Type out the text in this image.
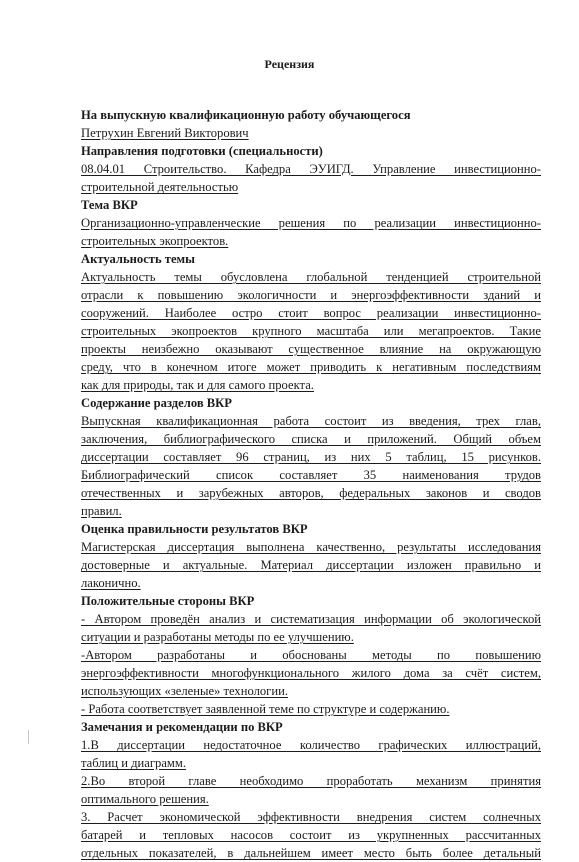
Рецензия
На выпускную квалификационную работу обучающегося
Петрухин Евгений Викторович
Направления подготовки (специальности)
08.04.01 Строительство. Кафедра ЭУИГД. Управление инвестиционно-
строительной деятельностью
Тема ВКР
Организационно-управленческие решения по реализации инвестиционно-
строительных экопроектов.
Актуальность темы
Актуальность темы обусловлена глобальной тенденцией строительной
отрасли к повышению экологичности и энергоэффективности зданий и
сооружений. Наиболее остро стоит вопрос реализации инвестиционно-
строительных экопроектов крупного масштаба или мегапроектов. Такие
проекты неизбежно оказывают существенное влияние на окружающую
среду, что в конечном итоге может приводить к негативным последствиям
как для природы, так и для самого проекта.
Содержание разделов ВКР
Выпускная квалификационная работа состоит из введения, трех глав,
заключения, библиографического списка и приложений. Общий объем
диссертации составляет 96 страниц, из них 5 таблиц, 15 рисунков.
Библиографический список составляет 35 наименования трудов
отечественных и зарубежных авторов, федеральных законов и сводов
правил.
Оценка правильности результатов ВКР
Магистерская диссертация выполнена качественно, результаты исследования
достоверные и актуальные. Материал диссертации изложен правильно и
лаконично.
Положительные стороны ВКР
- Автором проведён анализ и систематизация информации об экологической
ситуации и разработаны методы по ее улучшению.
-Автором разработаны и обоснованы методы по повышению
энергоэффективности многофункционального жилого дома за счёт систем,
использующих «зеленые» технологии.
- Работа соответствует заявленной теме по структуре и содержанию.
Замечания и рекомендации по ВКР
1.В диссертации недостаточное количество графических иллюстраций,
таблиц и диаграмм.
2.Во второй главе необходимо проработать механизм принятия
оптимального решения.
3. Расчет экономической эффективности внедрения систем солнечных
батарей и тепловых насосов состоит из укрупненных рассчитанных
отдельных показателей, в дальнейшем имеет место быть более детальный
